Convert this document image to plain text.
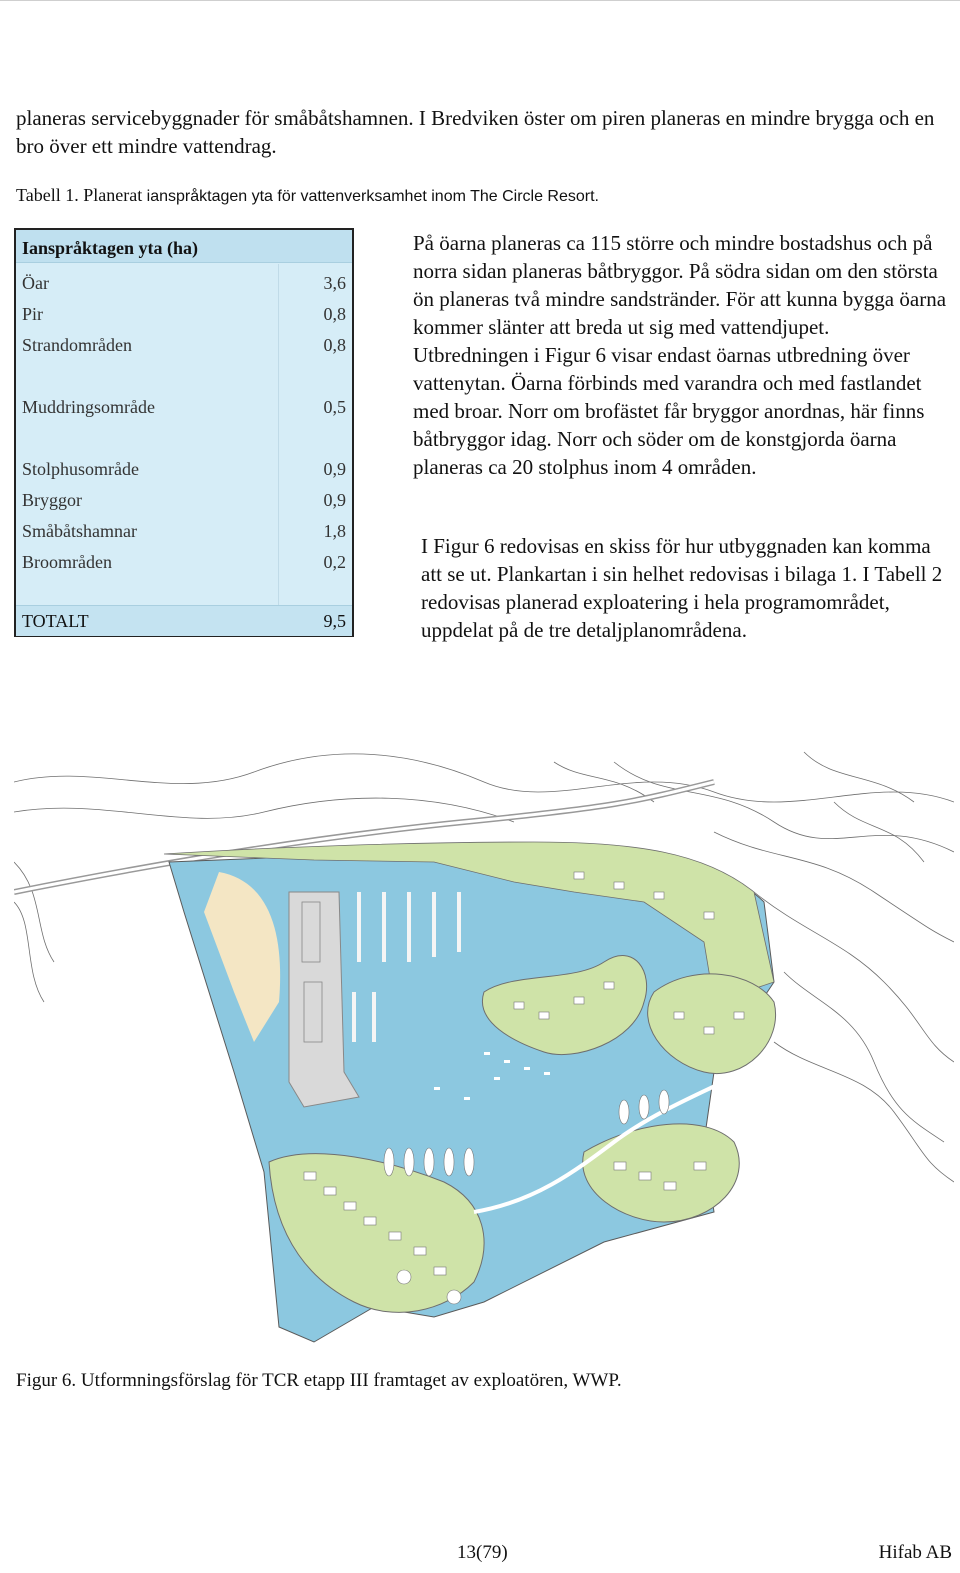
planeras servicebyggnader för småbåtshamnen. I Bredviken öster om piren planeras en mindre brygga och en bro över ett mindre vattendrag.

Tabell 1. Planerat ianspråktagen yta för vattenverksamhet inom The Circle Resort.
Ianspråktagen yta (ha)
Öar	3,6
Pir	0,8
Strandområden	0,8
Muddringsområde	0,5
Stolphusområde	0,9
Bryggor	0,9
Småbåtshamnar	1,8
Broområden	0,2
TOTALT	9,5

På öarna planeras ca 115 större och mindre bostadshus och på norra sidan planeras båtbryggor. På södra sidan om den största ön planeras två mindre sandstränder. För att kunna bygga öarna kommer slänter att breda ut sig med vattendjupet. Utbredningen i Figur 6 visar endast öarnas utbredning över vattenytan. Öarna förbinds med varandra och med fastlandet med broar. Norr om brofästet får bryggor anordnas, här finns båtbryggor idag. Norr och söder om de konstgjorda öarna planeras ca 20 stolphus inom 4 områden.

I Figur 6 redovisas en skiss för hur utbyggnaden kan komma att se ut. Plankartan i sin helhet redovisas i bilaga 1. I Tabell 2 redovisas planerad exploatering i hela programområdet, uppdelat på de tre detaljplanområdena.

Figur 6. Utformningsförslag för TCR etapp III framtaget av exploatören, WWP.
13(79)	Hifab AB
